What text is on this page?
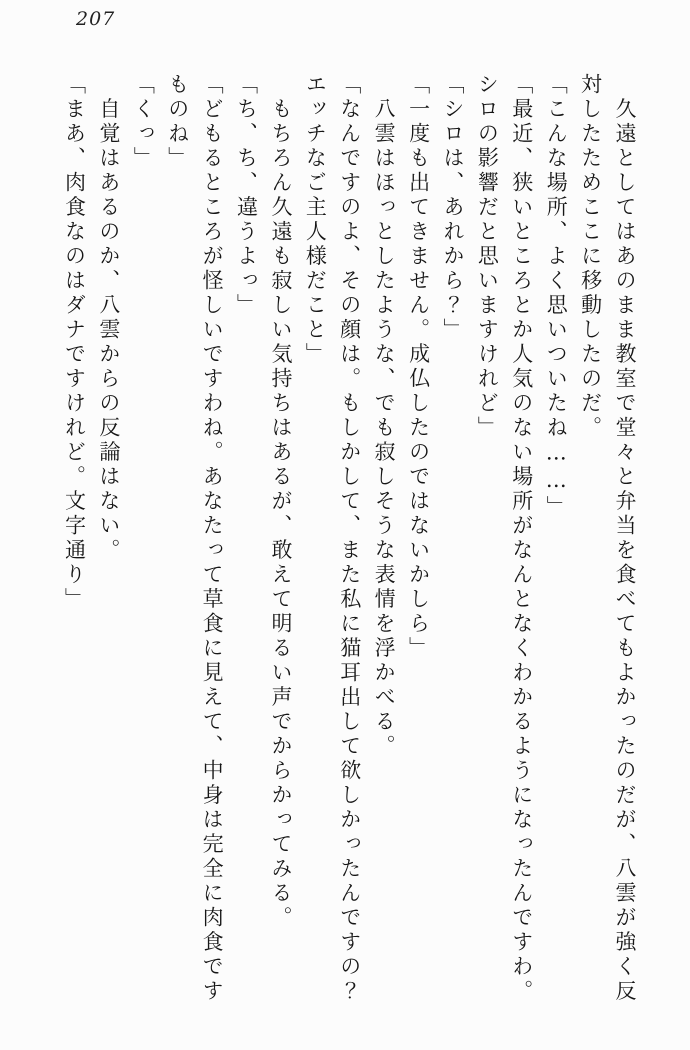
207

　久遠としてはあのまま教室で堂々と弁当を食べてもよかったのだが、八雲が強く反対したためここに移動したのだ。

「こんな場所、よく思いついたね……」

「最近、狭いところとか人気のない場所がなんとなくわかるようになったんですわ。シロの影響だと思いますけれど」

「シロは、あれから？」

「一度も出てきません。成仏したのではないかしら」

　八雲はほっとしたような、でも寂しそうな表情を浮かべる。

「なんですのよ、その顔は。もしかして、また私に猫耳出して欲しかったんですの？エッチなご主人様だこと」

　もちろん久遠も寂しい気持ちはあるが、敢えて明るい声でからかってみる。

「ち、ち、違うよっ」

「どもるところが怪しいですわね。あなたって草食に見えて、中身は完全に肉食ですものね」

「くっ」

　自覚はあるのか、八雲からの反論はない。

「まあ、肉食なのはダナですけれど。文字通り」
